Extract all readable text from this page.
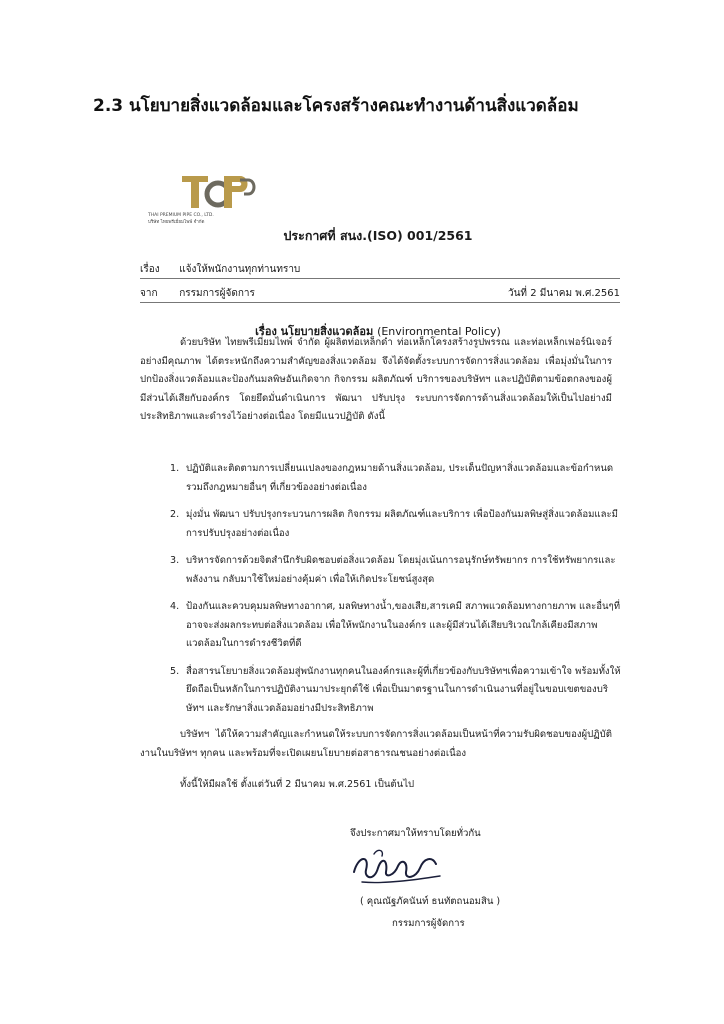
2.3 นโยบายสิ่งแวดล้อมและโครงสร้างคณะทำงานด้านสิ่งแวดล้อม
THAI PREMIUM PIPE CO., LTD.
บริษัท ไทยพรีเมี่ยมไพพ์ จำกัด
ประกาศที่ สนง.(ISO) 001/2561
เรื่อง แจ้งให้พนักงานทุกท่านทราบ
จาก กรรมการผู้จัดการ	วันที่ 2 มีนาคม พ.ศ.2561
เรื่อง นโยบายสิ่งแวดล้อม (Environmental Policy)

ด้วยบริษัท ไทยพรีเมี่ยมไพพ์ จำกัด ผู้ผลิตท่อเหล็กดำ ท่อเหล็กโครงสร้างรูปพรรณ และท่อเหล็กเฟอร์นิเจอร์อย่างมีคุณภาพ ได้ตระหนักถึงความสำคัญของสิ่งแวดล้อม จึงได้จัดตั้งระบบการจัดการสิ่งแวดล้อม เพื่อมุ่งมั่นในการปกป้องสิ่งแวดล้อมและป้องกันมลพิษอันเกิดจาก กิจกรรม ผลิตภัณฑ์ บริการของบริษัทฯ และปฏิบัติตามข้อตกลงของผู้มีส่วนได้เสียกับองค์กร โดยยึดมั่นดำเนินการ พัฒนา ปรับปรุง ระบบการจัดการด้านสิ่งแวดล้อมให้เป็นไปอย่างมีประสิทธิภาพและดำรงไว้อย่างต่อเนื่อง โดยมีแนวปฏิบัติ ดังนี้

1. ปฏิบัติและติดตามการเปลี่ยนแปลงของกฎหมายด้านสิ่งแวดล้อม, ประเด็นปัญหาสิ่งแวดล้อมและข้อกำหนด รวมถึงกฎหมายอื่นๆ ที่เกี่ยวข้องอย่างต่อเนื่อง
2. มุ่งมั่น พัฒนา ปรับปรุงกระบวนการผลิต กิจกรรม ผลิตภัณฑ์และบริการ เพื่อป้องกันมลพิษสู่สิ่งแวดล้อมและมีการปรับปรุงอย่างต่อเนื่อง
3. บริหารจัดการด้วยจิตสำนึกรับผิดชอบต่อสิ่งแวดล้อม โดยมุ่งเน้นการอนุรักษ์ทรัพยากร การใช้ทรัพยากรและพลังงาน กลับมาใช้ใหม่อย่างคุ้มค่า เพื่อให้เกิดประโยชน์สูงสุด
4. ป้องกันและควบคุมมลพิษทางอากาศ, มลพิษทางน้ำ,ของเสีย,สารเคมี สภาพแวดล้อมทางกายภาพ และอื่นๆที่อาจจะส่งผลกระทบต่อสิ่งแวดล้อม เพื่อให้พนักงานในองค์กร และผู้มีส่วนได้เสียบริเวณใกล้เคียงมีสภาพแวดล้อมในการดำรงชีวิตที่ดี
5. สื่อสารนโยบายสิ่งแวดล้อมสู่พนักงานทุกคนในองค์กรและผู้ที่เกี่ยวข้องกับบริษัทฯเพื่อความเข้าใจ พร้อมทั้งให้ยึดถือเป็นหลักในการปฏิบัติงานมาประยุกต์ใช้ เพื่อเป็นมาตรฐานในการดำเนินงานที่อยู่ในขอบเขตของบริษัทฯ และรักษาสิ่งแวดล้อมอย่างมีประสิทธิภาพ

บริษัทฯ ได้ให้ความสำคัญและกำหนดให้ระบบการจัดการสิ่งแวดล้อมเป็นหน้าที่ความรับผิดชอบของผู้ปฏิบัติงานในบริษัทฯ ทุกคน และพร้อมที่จะเปิดเผยนโยบายต่อสาธารณชนอย่างต่อเนื่อง

ทั้งนี้ให้มีผลใช้ ตั้งแต่วันที่ 2 มีนาคม พ.ศ.2561 เป็นต้นไป

จึงประกาศมาให้ทราบโดยทั่วกัน
( คุณณัฐภัคนันท์ ธนทัตถนอมสิน )
กรรมการผู้จัดการ
